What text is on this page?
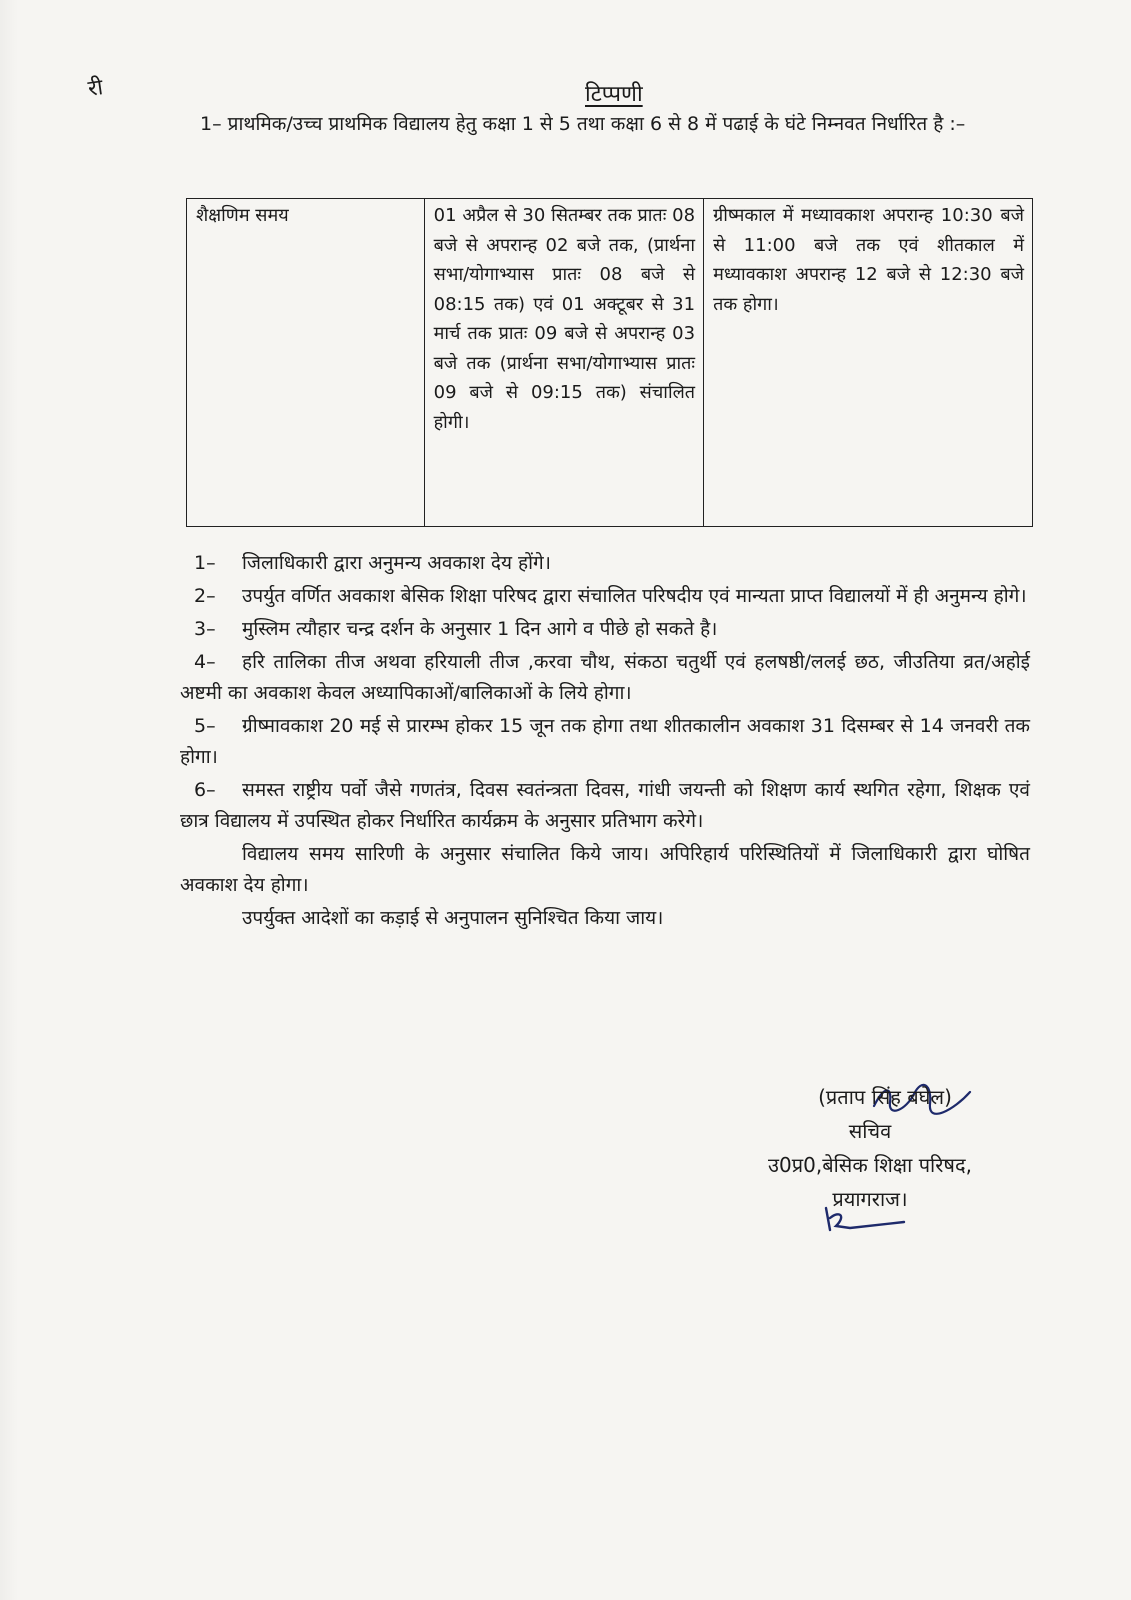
री	टिप्पणी
1– प्राथमिक/उच्च प्राथमिक विद्यालय हेतु कक्षा 1 से 5 तथा कक्षा 6 से 8 में पढाई के घंटे निम्नवत निर्धारित है :–
शैक्षणिम समय	01 अप्रैल से 30 सितम्बर तक प्रातः 08 बजे से अपरान्ह 02 बजे तक, (प्रार्थना सभा/योगाभ्यास प्रातः 08 बजे से 08:15 तक) एवं 01 अक्टूबर से 31 मार्च तक प्रातः 09 बजे से अपरान्ह 03 बजे तक (प्रार्थना सभा/योगाभ्यास प्रातः 09 बजे से 09:15 तक) संचालित होगी।	ग्रीष्मकाल में मध्यावकाश अपरान्ह 10:30 बजे से 11:00 बजे तक एवं शीतकाल में मध्यावकाश अपरान्ह 12 बजे से 12:30 बजे तक होगा।

1– जिलाधिकारी द्वारा अनुमन्य अवकाश देय होंगे।

2– उपर्युत वर्णित अवकाश बेसिक शिक्षा परिषद द्वारा संचालित परिषदीय एवं मान्यता प्राप्त विद्यालयों में ही अनुमन्य होगे।

3– मुस्लिम त्यौहार चन्द्र दर्शन के अनुसार 1 दिन आगे व पीछे हो सकते है।

4– हरि तालिका तीज अथवा हरियाली तीज ,करवा चौथ, संकठा चतुर्थी एवं हलषष्ठी/ललई छठ, जीउतिया व्रत/अहोई अष्टमी का अवकाश केवल अध्यापिकाओं/बालिकाओं के लिये होगा।

5– ग्रीष्मावकाश 20 मई से प्रारम्भ होकर 15 जून तक होगा तथा शीतकालीन अवकाश 31 दिसम्बर से 14 जनवरी तक होगा।

6– समस्त राष्ट्रीय पर्वो जैसे गणतंत्र, दिवस स्वतंन्त्रता दिवस, गांधी जयन्ती को शिक्षण कार्य स्थगित रहेगा, शिक्षक एवं छात्र विद्यालय में उपस्थित होकर निर्धारित कार्यक्रम के अनुसार प्रतिभाग करेगे।

विद्यालय समय सारिणी के अनुसार संचालित किये जाय। अपिरिहार्य परिस्थितियों में जिलाधिकारी द्वारा घोषित अवकाश देय होगा।

उपर्युक्त आदेशों का कड़ाई से अनुपालन सुनिश्चित किया जाय।

(प्रताप सिंह बघेल)
सचिव
उ0प्र0,बेसिक शिक्षा परिषद,
प्रयागराज।
